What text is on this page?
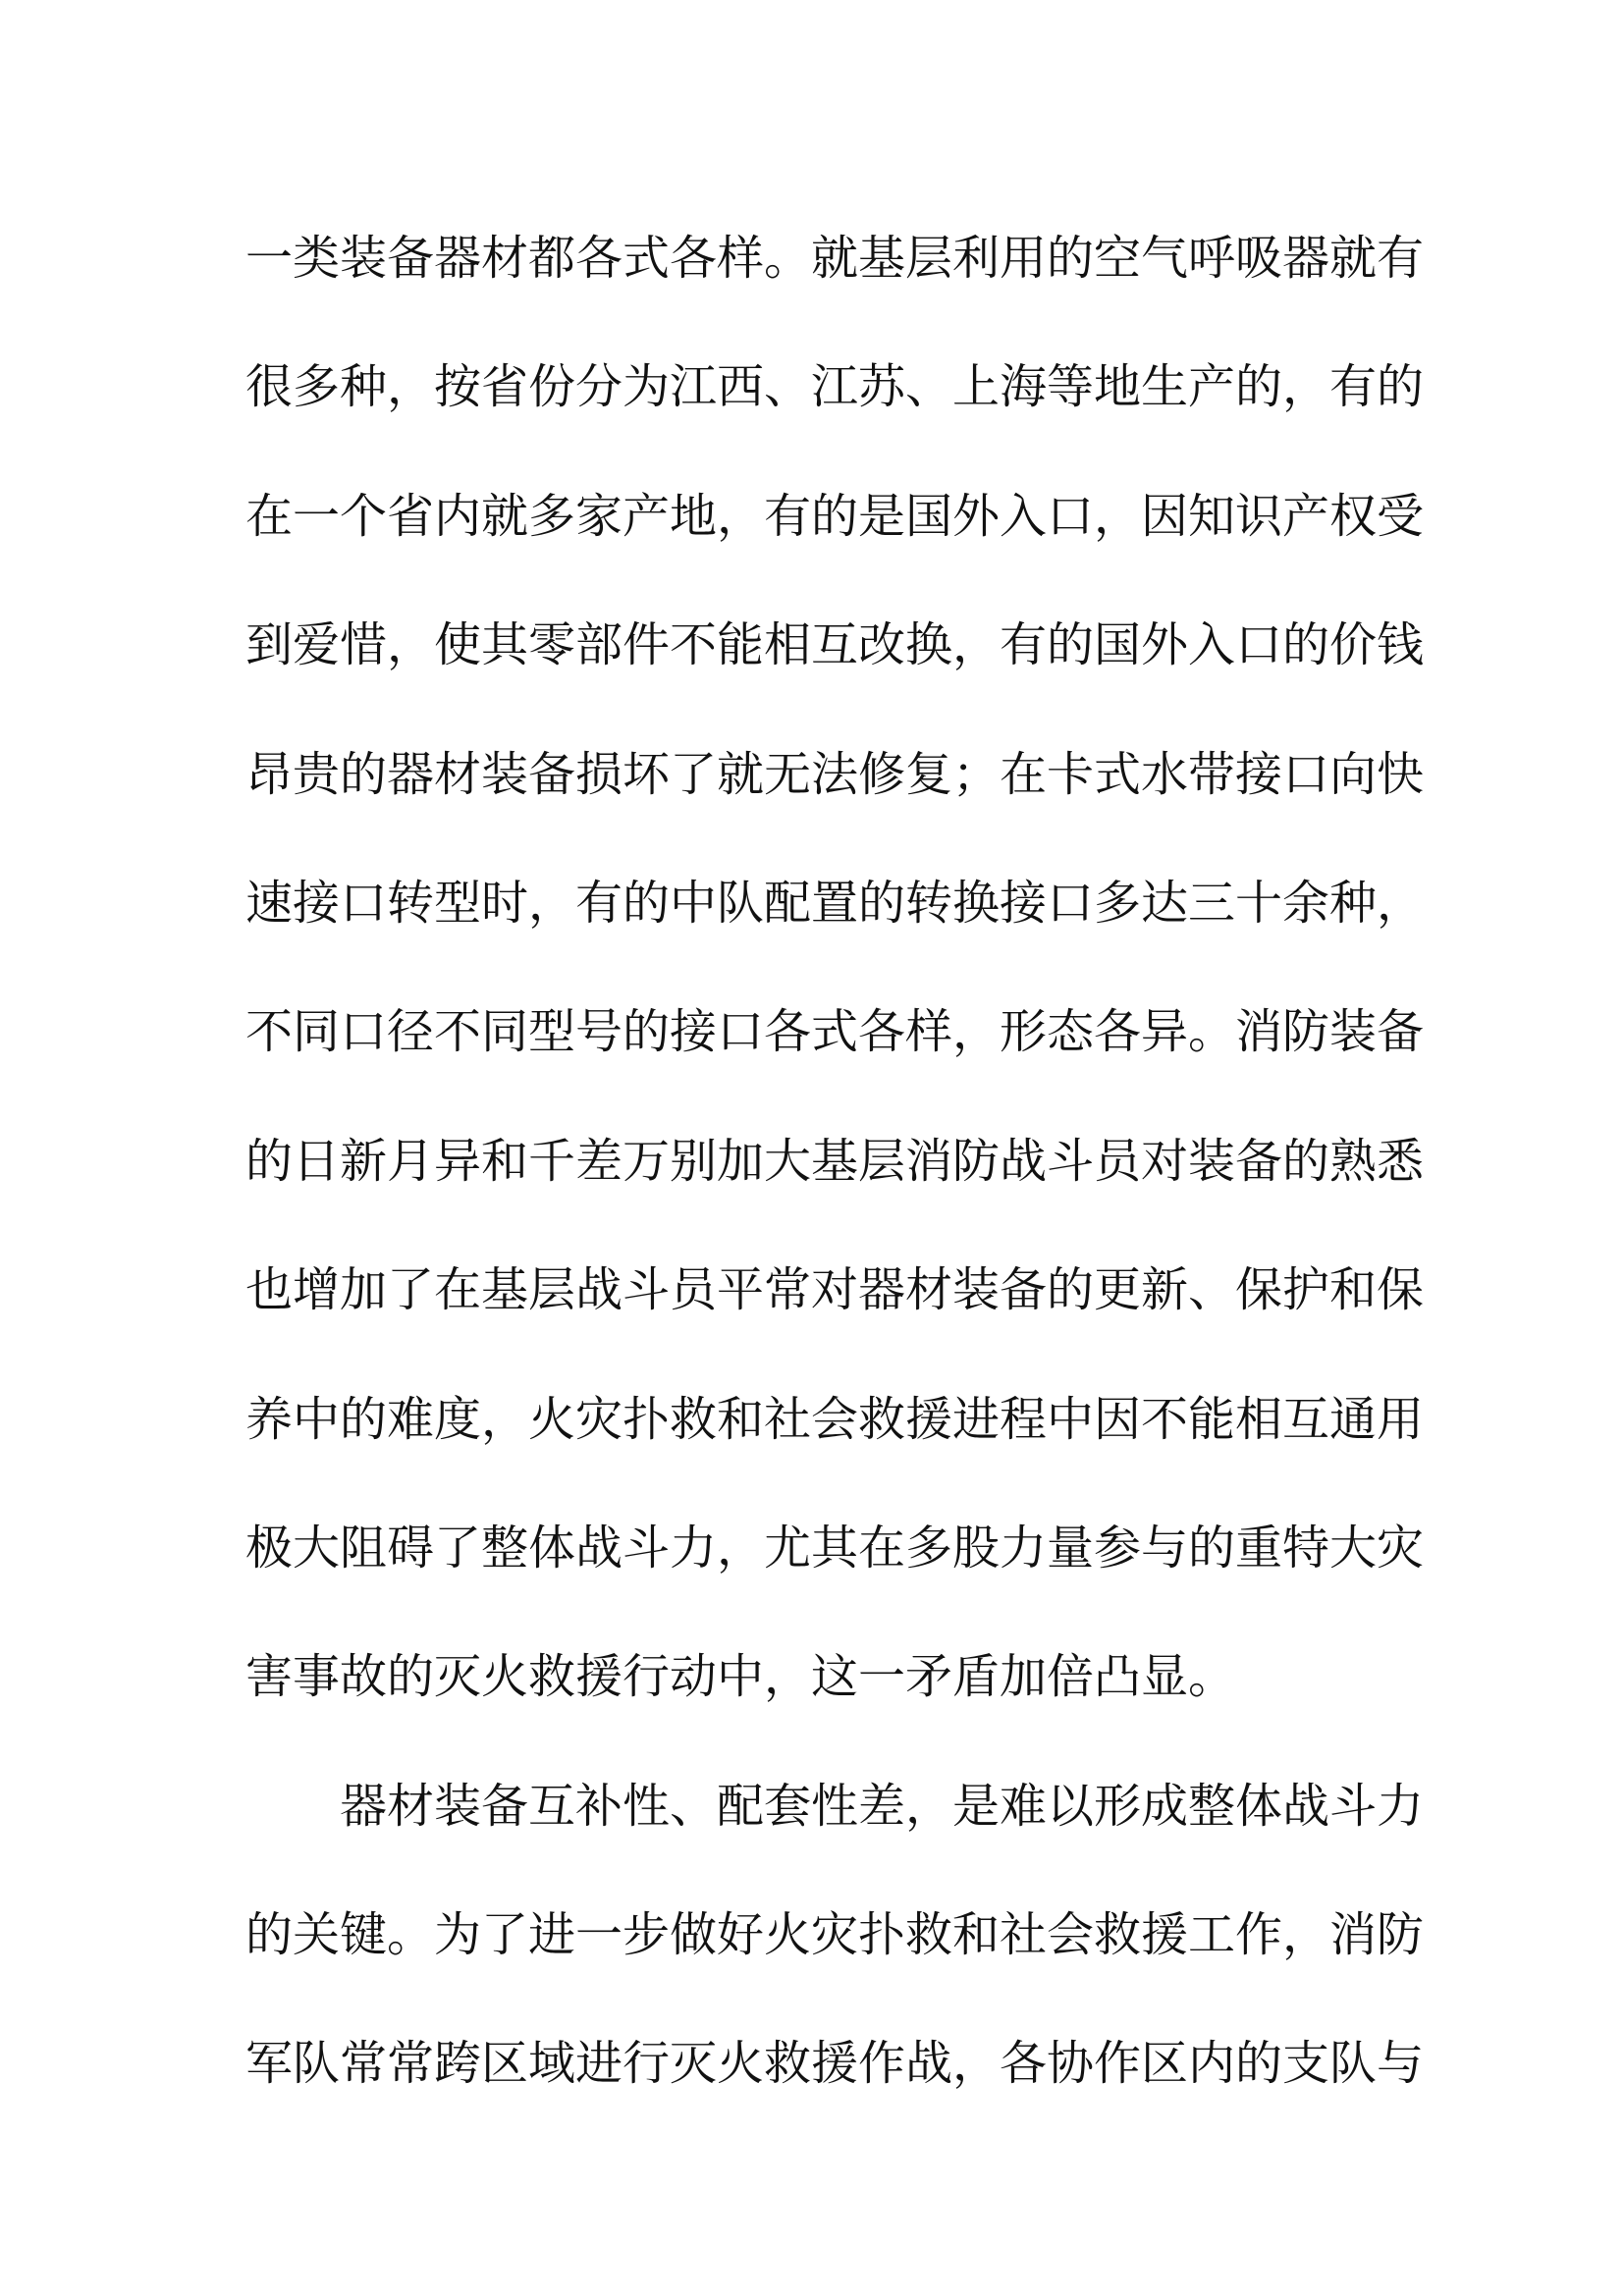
一类装备器材都各式各样。就基层利用的空气呼吸器就有
很多种，按省份分为江西、江苏、上海等地生产的，有的
在一个省内就多家产地，有的是国外入口，因知识产权受
到爱惜，使其零部件不能相互改换，有的国外入口的价钱
昂贵的器材装备损坏了就无法修复；在卡式水带接口向快
速接口转型时，有的中队配置的转换接口多达三十余种，
不同口径不同型号的接口各式各样，形态各异。消防装备
的日新月异和千差万别加大基层消防战斗员对装备的熟悉
也增加了在基层战斗员平常对器材装备的更新、保护和保
养中的难度，火灾扑救和社会救援进程中因不能相互通用
极大阻碍了整体战斗力，尤其在多股力量参与的重特大灾
害事故的灭火救援行动中，这一矛盾加倍凸显。
器材装备互补性、配套性差，是难以形成整体战斗力
的关键。为了进一步做好火灾扑救和社会救援工作，消防
军队常常跨区域进行灭火救援作战，各协作区内的支队与
